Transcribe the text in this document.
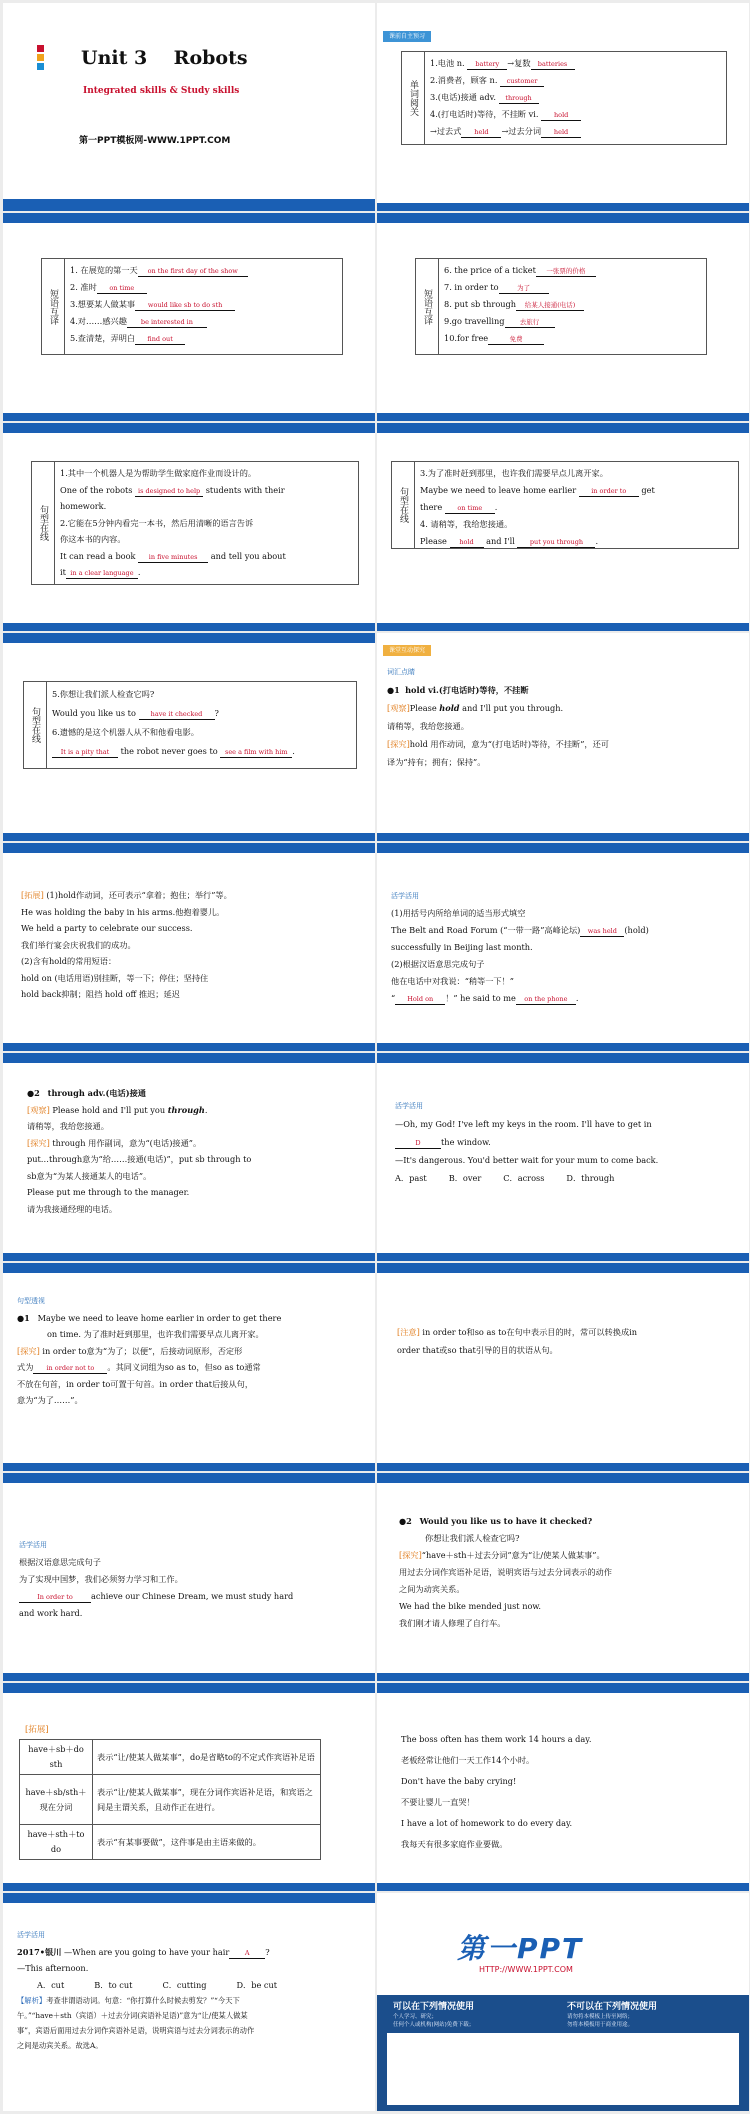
Unit 3    Robots
Integrated skills & Study skills
第一PPT模板网-WWW.1PPT.COM
课前自主预习
单词阅关
1.电池 n. battery →复数 batteries
2.消费者，顾客 n. customer
3.(电话)接通 adv. through
4.(打电话时)等待，不挂断 vi. hold
→过去式 held →过去分词 held
短语互译
1. 在展览的第一天 on the first day of the show
2. 准时 on time
3.想要某人做某事 would like sb to do sth
4.对……感兴趣 be interested in
5.查清楚，弄明白 find out
短语互译
6. the price of a ticket 一张票的价格
7. in order to	为了
8. put sb through 给某人接通(电话)
9.go travelling 去旅行
10.for free	免费
句型在线
1.其中一个机器人是为帮助学生做家庭作业而设计的。
One of the robots is designed to help students with their
homework.
2.它能在5分钟内看完一本书，然后用清晰的语言告诉
你这本书的内容。
It can read a book in five minutes and tell you about
it in a clear language .
句型在线
3.为了准时赶到那里，也许我们需要早点儿离开家。
Maybe we need to leave home earlier in order to get
there on time .
4. 请稍等，我给您接通。
Please hold and I'll put you through .
句型在线
5.你想让我们派人检查它吗?
Would you like us to have it checked ?
6.遗憾的是这个机器人从不和他看电影。
It is a pity that the robot never goes to see a film with him .
课堂互动探究
词汇点睛
●1 hold vi.(打电话时)等待，不挂断
[观察]Please hold and I'll put you through.
请稍等，我给您接通。
[探究]hold 用作动词，意为“(打电话时)等待，不挂断”，还可
译为“持有；拥有；保持”。
[拓展] (1)hold作动词，还可表示“拿着；抱住；举行”等。
He was holding the baby in his arms.他抱着婴儿。
We held a party to celebrate our success.
我们举行宴会庆祝我们的成功。
(2)含有hold的常用短语：
hold on (电话用语)别挂断，等一下；停住；坚持住
hold back抑制；阻挡 hold off 推迟；延迟
活学活用
(1)用括号内所给单词的适当形式填空
The Belt and Road Forum (“一带一路”高峰论坛) was held (hold)
successfully in Beijing last month.
(2)根据汉语意思完成句子
他在电话中对我说：“稍等一下！”
“ Hold on ！” he said to me on the phone .
●2 through adv.(电话)接通
[观察] Please hold and I'll put you through.
请稍等，我给您接通。
[探究] through 用作副词，意为“(电话)接通”。
put…through意为“给……接通(电话)”，put sb through to
sb意为“为某人接通某人的电话”。
Please put me through to the manager.
请为我接通经理的电话。
活学活用
—Oh, my God! I've left my keys in the room. I'll have to get in
D the window.
—It's dangerous. You'd better wait for your mum to come back.
A．past	B．over	C．across	D．through
句型透视
●1 Maybe we need to leave home earlier in order to get there
on time. 为了准时赶到那里，也许我们需要早点儿离开家。
[探究] in order to意为“为了；以便”，后接动词原形，否定形
式为 in order not to 。其同义词组为so as to，但so as to通常
不放在句首，in order to可置于句首。in order that后接从句，
意为“为了……”。
[注意] in order to和so as to在句中表示目的时，常可以转换成in
order that或so that引导的目的状语从句。
活学活用
根据汉语意思完成句子
为了实现中国梦，我们必须努力学习和工作。
In order to achieve our Chinese Dream, we must study hard
and work hard.
●2 Would you like us to have it checked?
你想让我们派人检查它吗?
[探究]“have＋sth＋过去分词”意为“让/使某人做某事”。
用过去分词作宾语补足语，说明宾语与过去分词表示的动作
之间为动宾关系。
We had the bike mended just now.
我们刚才请人修理了自行车。
[拓展]
have＋sb＋do sth	表示“让/使某人做某事”，do是省略to的不定式作宾语补足语
have＋sb/sth＋现在分词	表示“让/使某人做某事”，现在分词作宾语补足语，和宾语之间是主谓关系，且动作正在进行。
have＋sth＋to do	表示“有某事要做”，这件事是由主语来做的。
The boss often has them work 14 hours a day.
老板经常让他们一天工作14个小时。
Don't have the baby crying!
不要让婴儿一直哭！
I have a lot of homework to do every day.
我每天有很多家庭作业要做。
活学活用
2017•银川 —When are you going to have your hair A ?
—This afternoon.
A．cut	B．to cut	C．cutting	D．be cut
【解析】考查非谓语动词。句意：“你打算什么时候去剪发？”“今天下
午。”“have＋sth（宾语）＋过去分词(宾语补足语)”意为“让/使某人做某
事”，宾语后面用过去分词作宾语补足语，说明宾语与过去分词表示的动作
之间是动宾关系。故选A。
第一PPT
HTTP://WWW.1PPT.COM
可以在下列情况使用	不可以在下列情况使用
个人学习、研究；
任何个人或机构(网站)免费下载；
请勿将本模板上传至网络；
勿将本模板用于商业用途。
